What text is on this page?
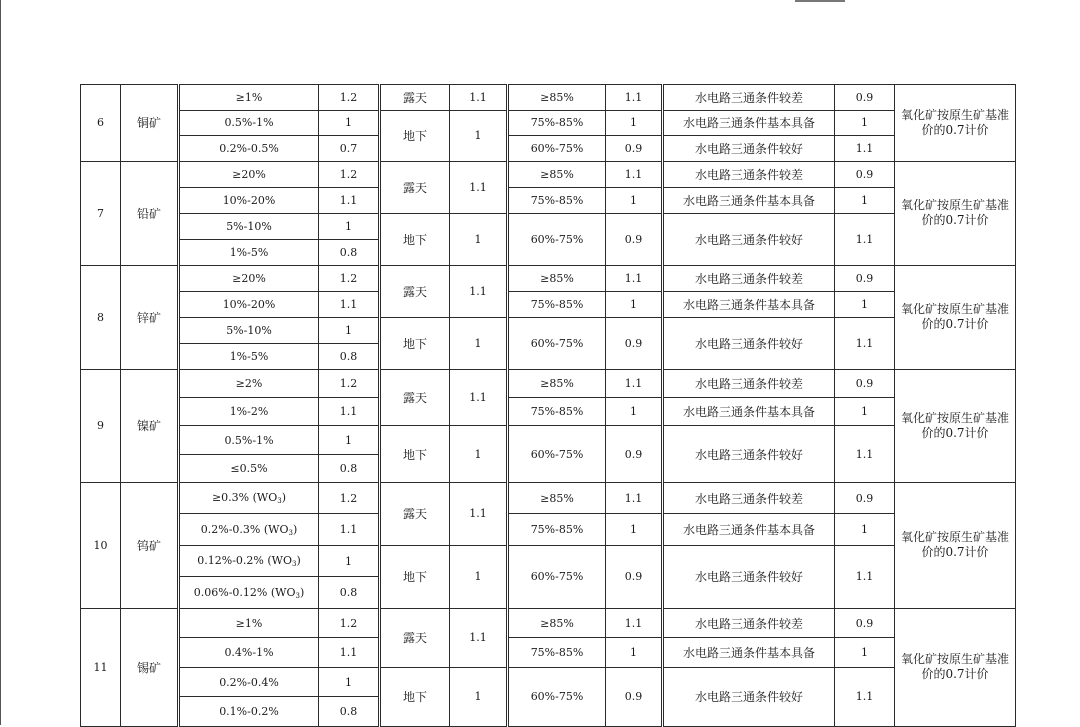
6	铜矿	≥1%	1.2	露天	1.1	≥85%	1.1	水电路三通条件较差	0.9	氧化矿按原生矿基准价的0.7计价
		0.5%-1%	1	地下	1	75%-85%	1	水电路三通条件基本具备	1	
		0.2%-0.5%	0.7			60%-75%	0.9	水电路三通条件较好	1.1	
7	铅矿	≥20%	1.2	露天	1.1	≥85%	1.1	水电路三通条件较差	0.9	氧化矿按原生矿基准价的0.7计价
		10%-20%	1.1			75%-85%	1	水电路三通条件基本具备	1	
		5%-10%	1	地下	1	60%-75%	0.9	水电路三通条件较好	1.1	
		1%-5%	0.8							
8	锌矿	≥20%	1.2	露天	1.1	≥85%	1.1	水电路三通条件较差	0.9	氧化矿按原生矿基准价的0.7计价
		10%-20%	1.1			75%-85%	1	水电路三通条件基本具备	1	
		5%-10%	1	地下	1	60%-75%	0.9	水电路三通条件较好	1.1	
		1%-5%	0.8							
9	镍矿	≥2%	1.2	露天	1.1	≥85%	1.1	水电路三通条件较差	0.9	氧化矿按原生矿基准价的0.7计价
		1%-2%	1.1			75%-85%	1	水电路三通条件基本具备	1	
		0.5%-1%	1	地下	1	60%-75%	0.9	水电路三通条件较好	1.1	
		≤0.5%	0.8							
10	钨矿	≥0.3% $(WO_3)$	1.2	露天	1.1	≥85%	1.1	水电路三通条件较差	0.9	氧化矿按原生矿基准价的0.7计价
		0.2%-0.3% $(WO_3)$	1.1			75%-85%	1	水电路三通条件基本具备	1	
		0.12%-0.2% $(WO_3)$	1	地下	1	60%-75%	0.9	水电路三通条件较好	1.1	
		0.06%-0.12% $(WO_3)$	0.8							
11	锡矿	≥1%	1.2	露天	1.1	≥85%	1.1	水电路三通条件较差	0.9	氧化矿按原生矿基准价的0.7计价
		0.4%-1%	1.1			75%-85%	1	水电路三通条件基本具备	1	
		0.2%-0.4%	1	地下	1	60%-75%	0.9	水电路三通条件较好	1.1	
		0.1%-0.2%	0.8							
